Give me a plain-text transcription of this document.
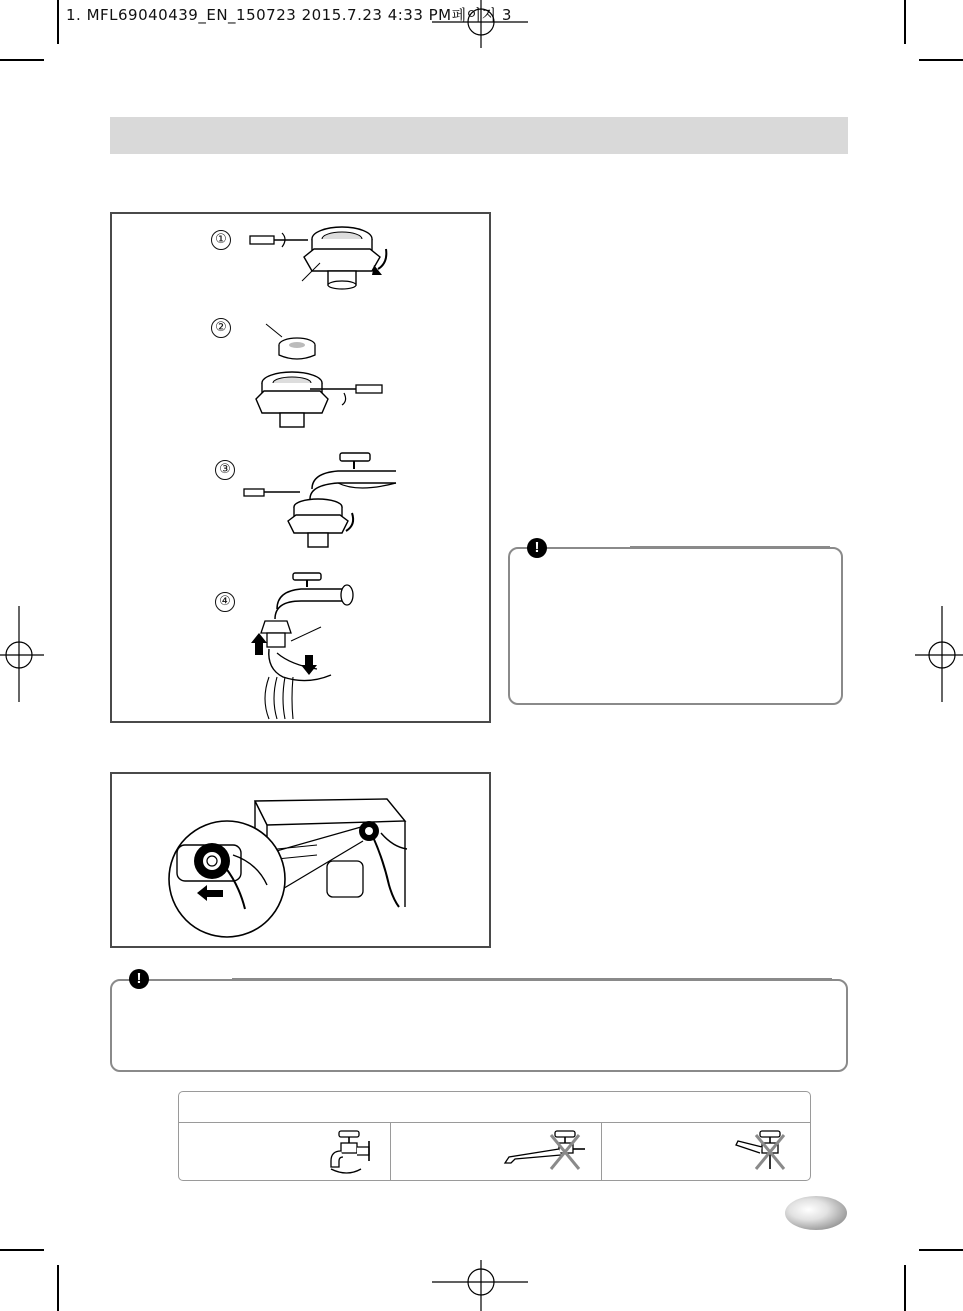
1. MFL69040439_EN_150723 2015.7.23 4:33 PM페이지 3
①
②
③
④
!
!
